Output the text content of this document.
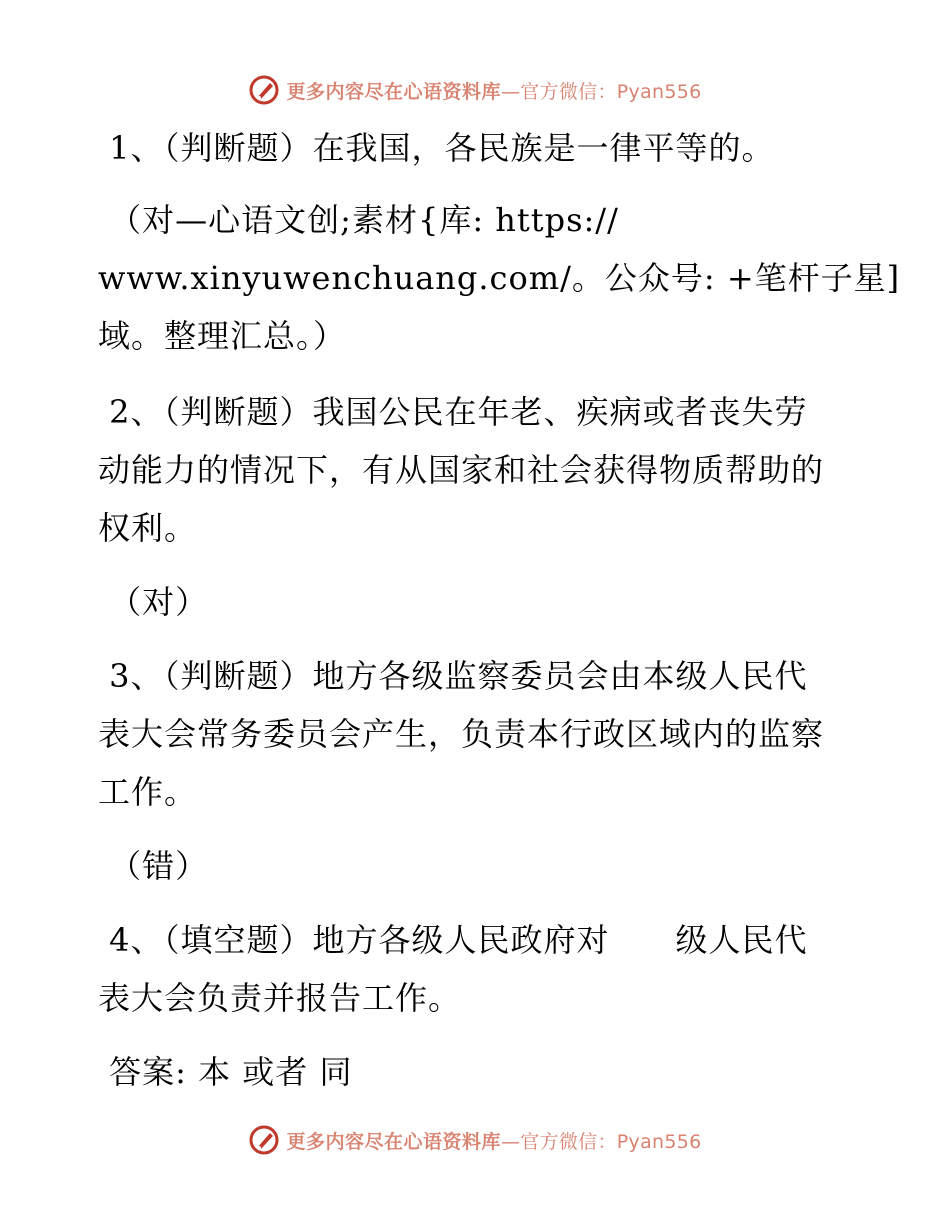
更多内容尽在心语资料库 —官方微信：Pyan556
1、（判断题）在我国，各民族是一律平等的。
（对—心语文创;素材{库: https://
www.xinyuwenchuang.com/。公众号: +笔杆子星]
域。整理汇总。）
2、（判断题）我国公民在年老、疾病或者丧失劳
动能力的情况下，有从国家和社会获得物质帮助的
权利。
（对）
3、（判断题）地方各级监察委员会由本级人民代
表大会常务委员会产生，负责本行政区域内的监察
工作。
（错）
4、（填空题）地方各级人民政府对 级人民代
表大会负责并报告工作。
答案: 本 或者 同
更多内容尽在心语资料库 —官方微信：Pyan556
